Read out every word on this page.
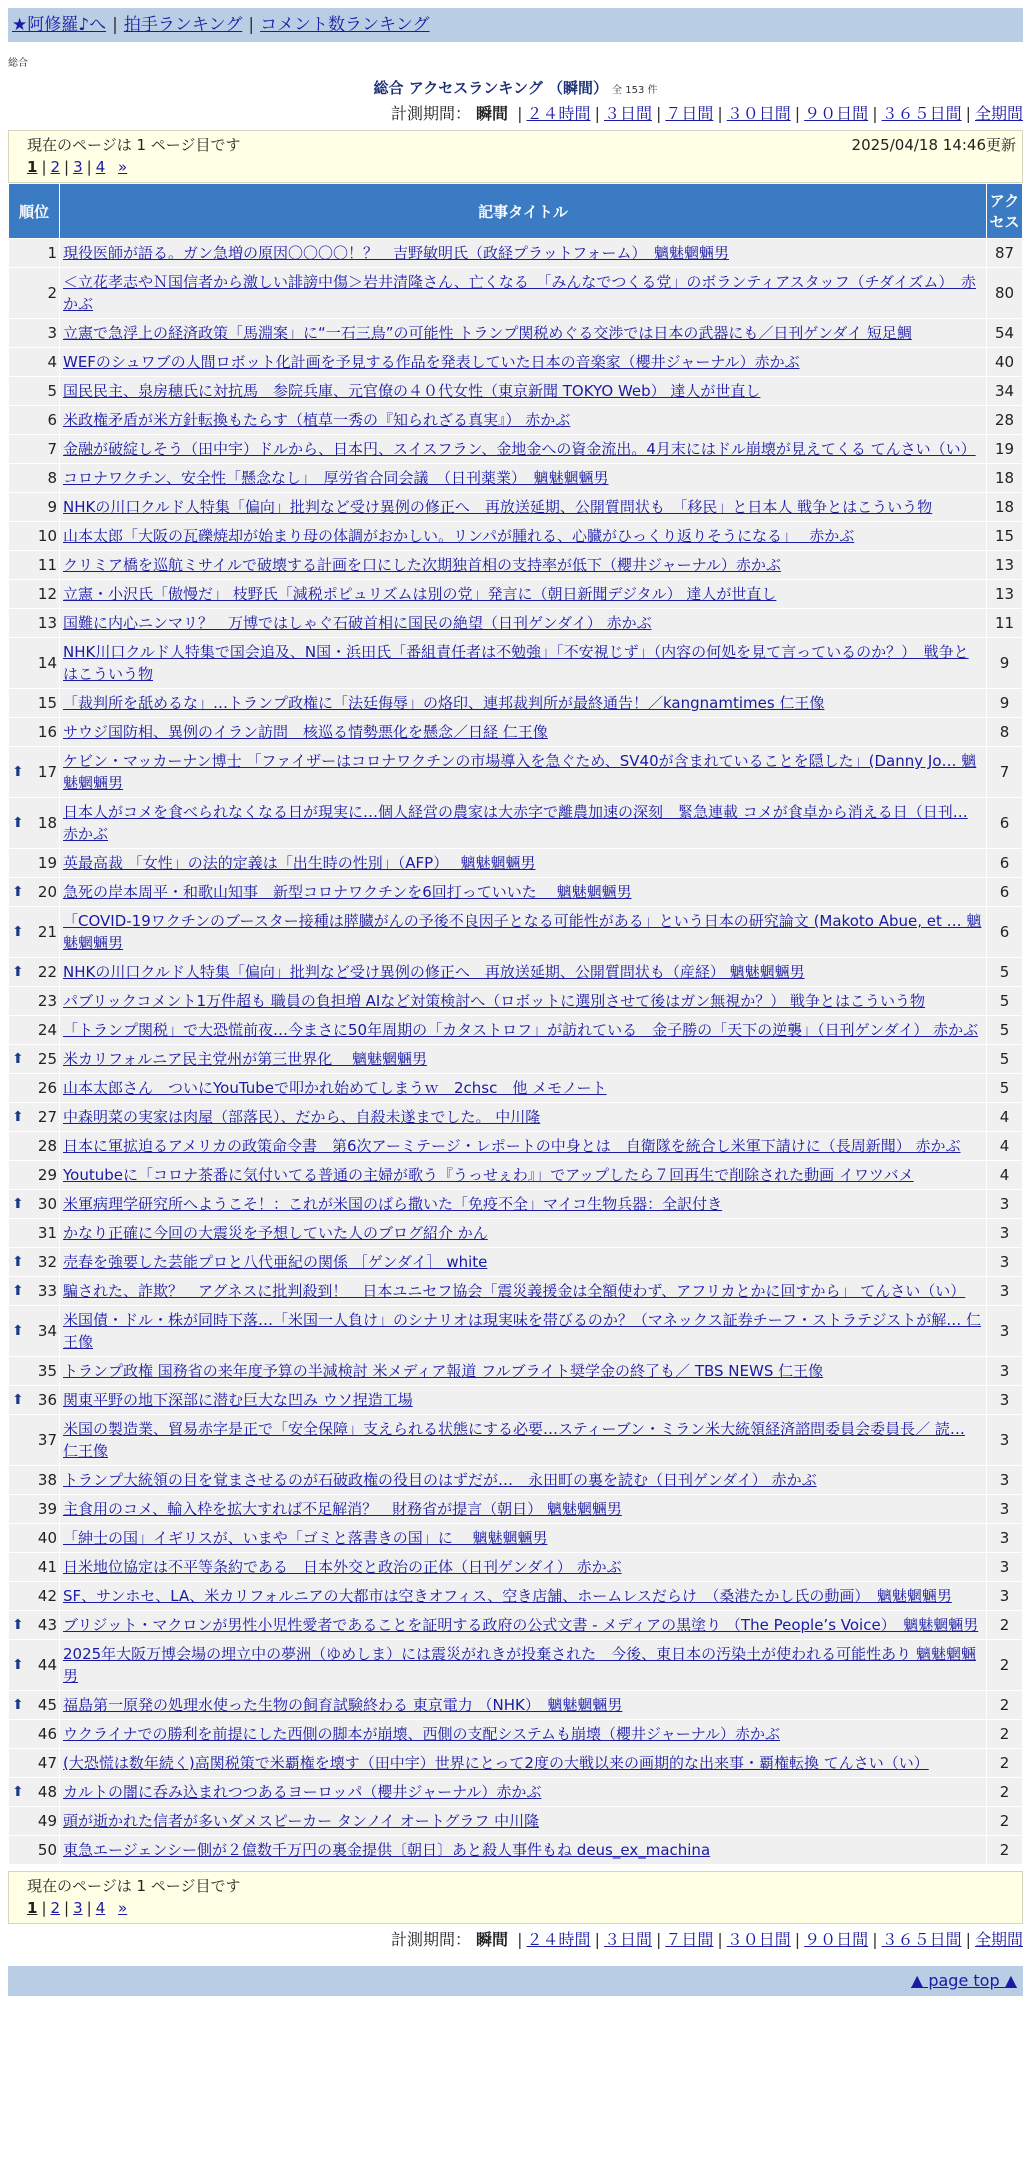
★阿修羅♪へ | 拍手ランキング | コメント数ランキング
総合
総合 アクセスランキング （瞬間） 全 153 件
計測期間： 瞬間 | ２４時間 | ３日間 | ７日間 | ３０日間 | ９０日間 | ３６５日間 | 全期間
現在のページは 1 ページ目です	2025/04/18 14:46更新
1 | 2 | 3 | 4 »
順位	記事タイトル	アクセス
1	現役医師が語る。ガン急増の原因〇〇〇〇！？　吉野敏明氏（政経プラットフォーム）　魑魅魍魎男	87
2	＜立花孝志やＮ国信者から激しい誹謗中傷＞岩井清隆さん、亡くなる　「みんなでつくる党」のボランティアスタッフ（チダイズム）　赤かぶ	80
3	立憲で急浮上の経済政策「馬淵案」に“一石三鳥”の可能性 トランプ関税めぐる交渉では日本の武器にも／日刊ゲンダイ 短足鯛	54
4	WEFのシュワブの人間ロボット化計画を予見する作品を発表していた日本の音楽家（櫻井ジャーナル）赤かぶ	40
5	国民民主、泉房穂氏に対抗馬　参院兵庫、元官僚の４０代女性（東京新聞 TOKYO Web） 達人が世直し	34
6	米政権矛盾が米方針転換もたらす（植草一秀の『知られざる真実』） 赤かぶ	28
7	金融が破綻しそう（田中宇）ドルから、日本円、スイスフラン、金地金への資金流出。4月末にはドル崩壊が見えてくる てんさい（い）	19
8	コロナワクチン、安全性「懸念なし」　厚労省合同会議　（日刊薬業）　魑魅魍魎男	18
9	NHKの川口クルド人特集「偏向」批判など受け異例の修正へ　再放送延期、公開質問状も　「移民」と日本人 戦争とはこういう物	18
10	山本太郎「大阪の瓦礫焼却が始まり母の体調がおかしい。リンパが腫れる、心臓がひっくり返りそうになる」　 赤かぶ	15
11	クリミア橋を巡航ミサイルで破壊する計画を口にした次期独首相の支持率が低下（櫻井ジャーナル）赤かぶ	13
12	立憲・小沢氏「傲慢だ」 枝野氏「減税ポピュリズムは別の党」発言に（朝日新聞デジタル） 達人が世直し	13
13	国難に内心ニンマリ？　万博ではしゃぐ石破首相に国民の絶望（日刊ゲンダイ） 赤かぶ	11
14	NHK川口クルド人特集で国会追及、N国・浜田氏「番組責任者は不勉強」「不安視じず」（内容の何処を見て言っているのか？）　戦争とはこういう物	9
15	「裁判所を舐めるな」…トランプ政権に「法廷侮辱」の烙印、連邦裁判所が最終通告！／kangnamtimes 仁王像	9
16	サウジ国防相、異例のイラン訪問　核巡る情勢悪化を懸念／日経 仁王像	8

⬆ 17	ケビン・マッカーナン博士 「ファイザーはコロナワクチンの市場導入を急ぐため、SV40が含まれていることを隠した」(Danny Jo… 魑魅魍魎男	7

⬆ 18	日本人がコメを食べられなくなる日が現実に…個人経営の農家は大赤字で離農加速の深刻　緊急連載 コメが食卓から消える日（日刊… 赤かぶ	6
19	英最高裁 「女性」の法的定義は「出生時の性別」（AFP）　 魑魅魍魎男	6

⬆ 20	急死の岸本周平・和歌山知事　新型コロナワクチンを6回打っていいた　 魑魅魍魎男	6

⬆ 21	「COVID-19ワクチンのブースター接種は膵臓がんの予後不良因子となる可能性がある」という日本の研究論文 (Makoto Abue, et … 魑魅魍魎男	6

⬆ 22	NHKの川口クルド人特集「偏向」批判など受け異例の修正へ　再放送延期、公開質問状も（産経） 魑魅魍魎男	5
23	パブリックコメント1万件超も 職員の負担増 AIなど対策検討へ（ロボットに選別させて後はガン無視か？） 戦争とはこういう物	5
24	「トランプ関税」で大恐慌前夜…今まさに50年周期の「カタストロフ」が訪れている　金子勝の「天下の逆襲」（日刊ゲンダイ） 赤かぶ	5

⬆ 25	米カリフォルニア民主党州が第三世界化　 魑魅魍魎男	5
26	山本太郎さん　ついにYouTubeで叩かれ始めてしまうｗ　2chsc　他 メモノート	5

⬆ 27	中森明菜の実家は肉屋（部落民）、だから、自殺未遂までした。 中川隆	4
28	日本に軍拡迫るアメリカの政策命令書　第6次アーミテージ・レポートの中身とは　自衛隊を統合し米軍下請けに（長周新聞） 赤かぶ	4
29	Youtubeに「コロナ茶番に気付いてる普通の主婦が歌う『うっせぇわ』」でアップしたら７回再生で削除された動画 イワツバメ	4

⬆ 30	米軍病理学研究所へようこそ！：これが米国のばら撒いた「免疫不全」マイコ生物兵器：全訳付き	3
31	かなり正確に今回の大震災を予想していた人のブログ紹介 かん	3

⬆ 32	売春を強要した芸能プロと八代亜紀の関係 ［ゲンダイ］ white	3

⬆ 33	騙された、詐欺？　アグネスに批判殺到！　日本ユニセフ協会「震災義援金は全額使わず、アフリカとかに回すから」 てんさい（い）	3

⬆ 34	米国債・ドル・株が同時下落…「米国一人負け」のシナリオは現実味を帯びるのか？（マネックス証券チーフ・ストラテジストが解… 仁王像	3
35	トランプ政権 国務省の来年度予算の半減検討 米メディア報道 フルブライト奨学金の終了も／ TBS NEWS 仁王像	3

⬆ 36	関東平野の地下深部に潜む巨大な凹み ウソ捏造工場	3
37	米国の製造業、貿易赤字是正で「安全保障」支えられる状態にする必要…スティーブン・ミラン米大統領経済諮問委員会委員長／ 読… 仁王像	3
38	トランプ大統領の目を覚まさせるのが石破政権の役目のはずだが…　永田町の裏を読む（日刊ゲンダイ） 赤かぶ	3
39	主食用のコメ、輸入枠を拡大すれば不足解消？　財務省が提言（朝日） 魑魅魍魎男	3
40	「紳士の国」イギリスが、いまや「ゴミと落書きの国」に　 魑魅魍魎男	3
41	日米地位協定は不平等条約である　日本外交と政治の正体（日刊ゲンダイ） 赤かぶ	3
42	SF、サンホセ、LA、米カリフォルニアの大都市は空きオフィス、空き店舗、ホームレスだらけ　（桑港たかし氏の動画）　魑魅魍魎男	3

⬆ 43	ブリジット・マクロンが男性小児性愛者であることを証明する政府の公式文書 - メディアの黒塗り （The People’s Voice）　魑魅魍魎男	2

⬆ 44	2025年大阪万博会場の埋立中の夢洲（ゆめしま）には震災がれきが投棄された　今後、東日本の汚染土が使われる可能性あり 魑魅魍魎男	2

⬆ 45	福島第一原発の処理水使った生物の飼育試験終わる 東京電力 （NHK）　魑魅魍魎男	2
46	ウクライナでの勝利を前提にした西側の脚本が崩壊、西側の支配システムも崩壊（櫻井ジャーナル）赤かぶ	2
47	(大恐慌は数年続く)高関税策で米覇権を壊す（田中宇）世界にとって2度の大戦以来の画期的な出来事・覇権転換 てんさい（い）	2

⬆ 48	カルトの闇に呑み込まれつつあるヨーロッパ（櫻井ジャーナル）赤かぶ	2
49	頭が逝かれた信者が多いダメスピーカー タンノイ オートグラフ 中川隆	2
50	東急エージェンシー側が２億数千万円の裏金提供〔朝日〕あと殺人事件もね deus_ex_machina	2
現在のページは 1 ページ目です
1 | 2 | 3 | 4 »
計測期間： 瞬間 | ２４時間 | ３日間 | ７日間 | ３０日間 | ９０日間 | ３６５日間 | 全期間
▲ page top ▲
